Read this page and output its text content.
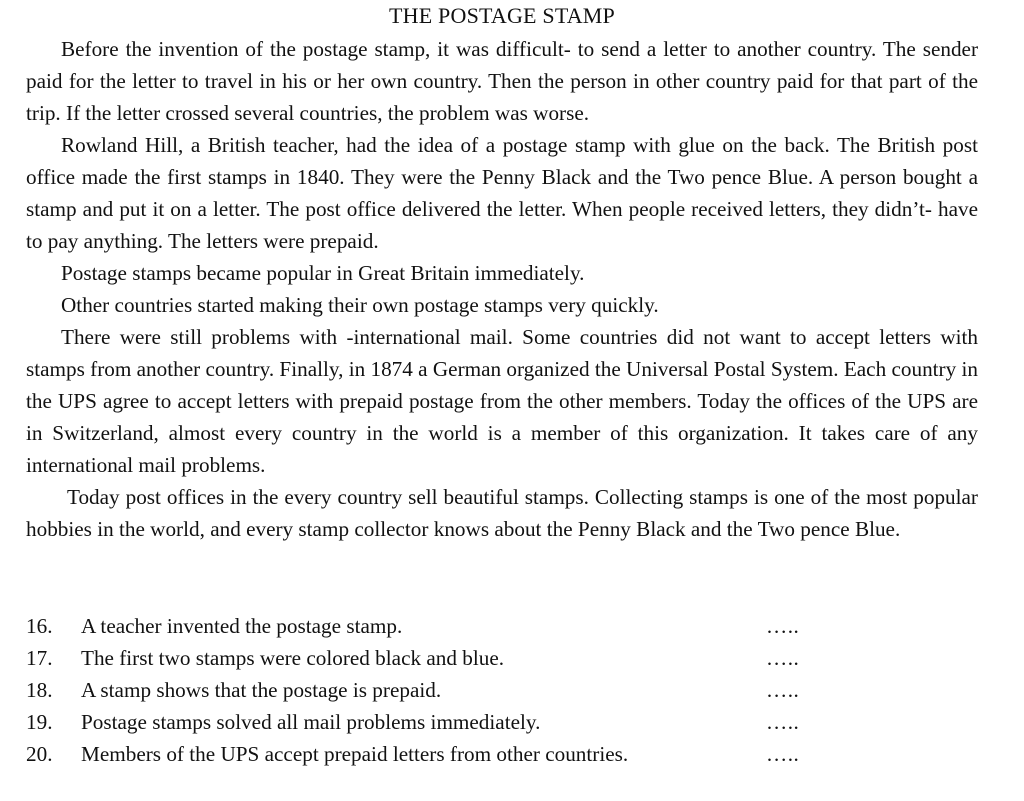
THE POSTAGE STAMP

Before the invention of the postage stamp, it was difficult- to send a letter to another country. The sender paid for the letter to travel in his or her own country. Then the person in other country paid for that part of the trip. If the letter crossed several countries, the problem was worse.

Rowland Hill, a British teacher, had the idea of a postage stamp with glue on the back. The British post office made the first stamps in 1840. They were the Penny Black and the Two pence Blue. A person bought a stamp and put it on a letter. The post office delivered the letter. When people received letters, they didn’t- have to pay anything. The letters were prepaid.

Postage stamps became popular in Great Britain immediately.

Other countries started making their own postage stamps very quickly.

There were still problems with -international mail. Some countries did not want to accept letters with stamps from another country. Finally, in 1874 a German organized the Universal Postal System. Each country in the UPS agree to accept letters with prepaid postage from the other members. Today the offices of the UPS are in Switzerland, almost every country in the world is a member of this organization. It takes care of any international mail problems.

Today post offices in the every country sell beautiful stamps. Collecting stamps is one of the most popular hobbies in the world, and every stamp collector knows about the Penny Black and the Two pence Blue.

16. A teacher invented the postage stamp.	…..
17. The first two stamps were colored black and blue.	…..
18. A stamp shows that the postage is prepaid.	…..
19. Postage stamps solved all mail problems immediately.	…..
20. Members of the UPS accept prepaid letters from other countries.	…..
